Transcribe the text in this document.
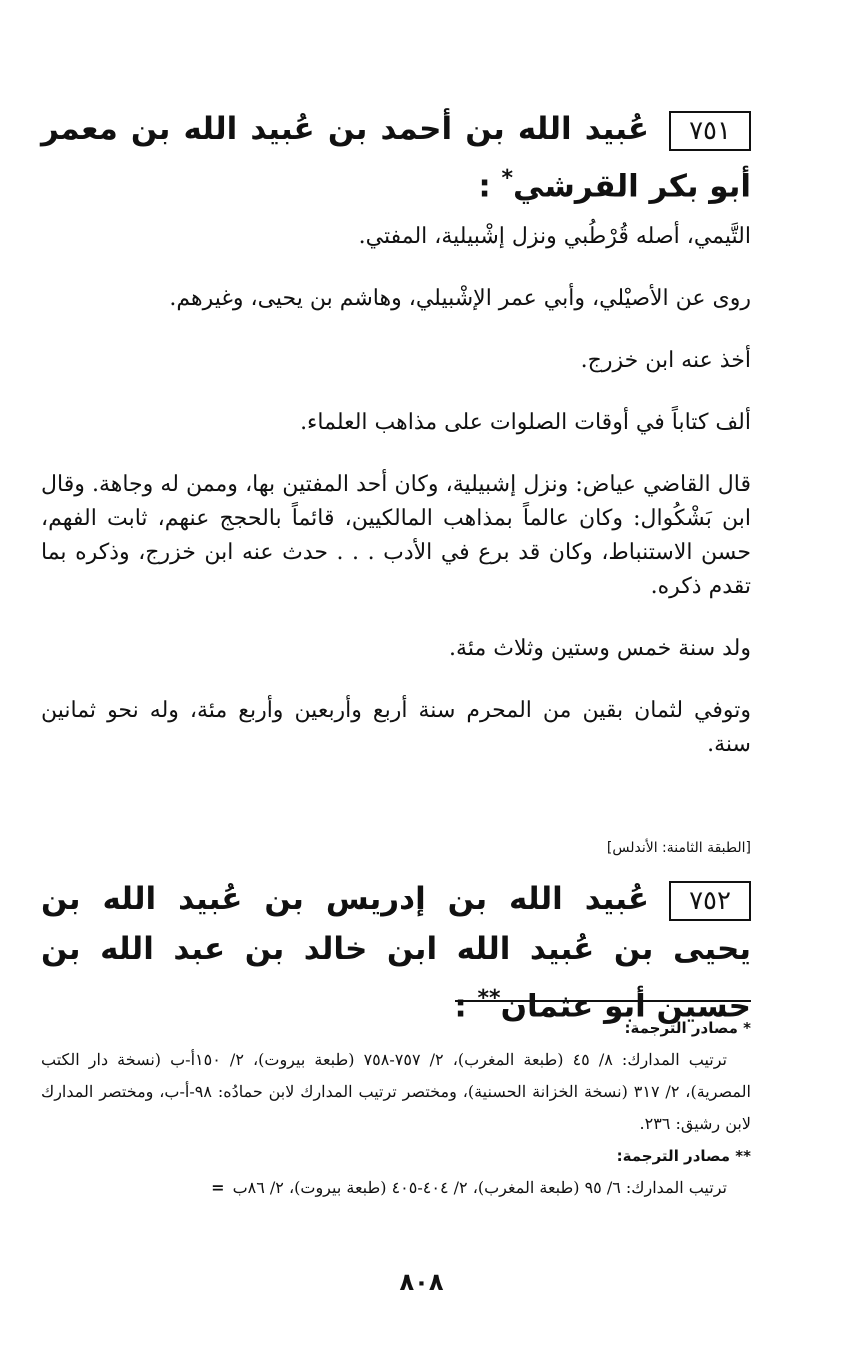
٧٥١عُبيد الله بن أحمد بن عُبيد الله بن معمر أبو بكر القرشي* :

التَّيمي، أصله قُرْطُبي ونزل إشْبيلية، المفتي.

روى عن الأصيْلي، وأبي عمر الإشْبيلي، وهاشم بن يحيى، وغيرهم.

أخذ عنه ابن خزرج.

ألف كتاباً في أوقات الصلوات على مذاهب العلماء.

قال القاضي عياض: ونزل إشبيلية، وكان أحد المفتين بها، وممن له وجاهة. وقال ابن بَشْكُوال: وكان عالماً بمذاهب المالكيين، قائماً بالحجج عنهم، ثابت الفهم، حسن الاستنباط، وكان قد برع في الأدب . . . حدث عنه ابن خزرج، وذكره بما تقدم ذكره.

ولد سنة خمس وستين وثلاث مئة.

وتوفي لثمان بقين من المحرم سنة أربع وأربعين وأربع مئة، وله نحو ثمانين سنة.

[الطبقة الثامنة: الأندلس]
٧٥٢عُبيد الله بن إدريس بن عُبيد الله بن يحيى بن عُبيد الله ابن خالد بن عبد الله بن حسين أبو عثمان** :

* مصادر الترجمة:

ترتيب المدارك: ٨/ ٤٥ (طبعة المغرب)، ٢/ ٧٥٧-٧٥٨ (طبعة بيروت)، ٢/ ١٥٠أ-ب (نسخة دار الكتب المصرية)، ٢/ ٣١٧ (نسخة الخزانة الحسنية)، ومختصر ترتيب المدارك لابن حمادُه: ٩٨-أ-ب، ومختصر المدارك لابن رشيق: ٢٣٦.

** مصادر الترجمة:

ترتيب المدارك: ٦/ ٩٥ (طبعة المغرب)، ٢/ ٤٠٤-٤٠٥ (طبعة بيروت)، ٢/ ٨٦ب=

٨٠٨
